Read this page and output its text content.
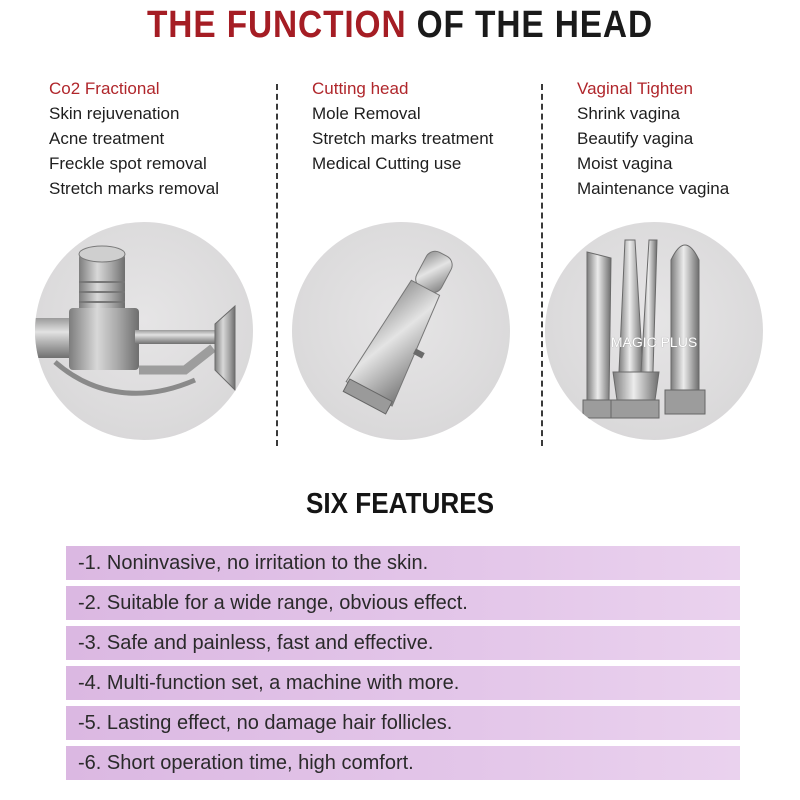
THE FUNCTION OF THE HEAD
Co2 Fractional
Skin rejuvenation
Acne treatment
Freckle spot removal
Stretch marks removal
Cutting head
Mole Removal
Stretch marks treatment
Medical Cutting use
Vaginal Tighten
Shrink vagina
Beautify vagina
Moist vagina
Maintenance vagina
MAGIC PLUS
SIX FEATURES
-1. Noninvasive, no irritation to the skin.
-2. Suitable for a wide range, obvious effect.
-3. Safe and painless, fast and effective.
-4. Multi-function set, a machine with more.
-5. Lasting effect, no damage hair follicles.
-6. Short operation time, high comfort.
